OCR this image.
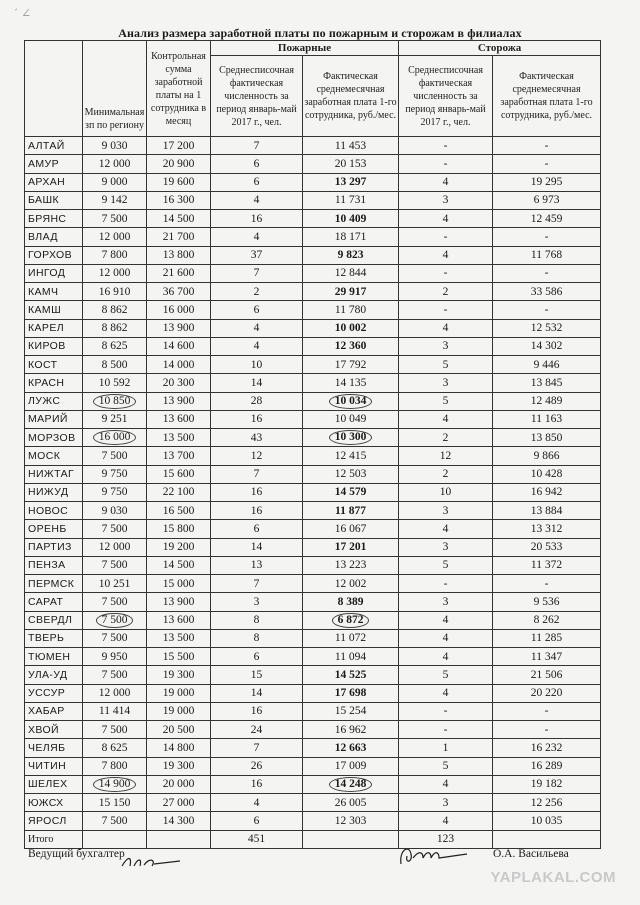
ˊ ∠
Анализ размера заработной платы по пожарным и сторожам в филиалах
	Минимальная зп по региону	Контрольная сумма заработной платы на 1 сотрудника в месяц	Пожарные		Сторожа	
			Среднесписочная фактическая численность за период январь-май 2017 г., чел.	Фактическая среднемесячная заработная плата 1-го сотрудника, руб./мес.	Среднесписочная фактическая численность за период январь-май 2017 г., чел.	Фактическая среднемесячная заработная плата 1-го сотрудника, руб./мес.
АЛТАЙ	9 030	17 200	7	11 453	-	-
АМУР	12 000	20 900	6	20 153	-	-
АРХАН	9 000	19 600	6	13 297	4	19 295
БАШК	9 142	16 300	4	11 731	3	6 973
БРЯНС	7 500	14 500	16	10 409	4	12 459
ВЛАД	12 000	21 700	4	18 171	-	-
ГОРХОВ	7 800	13 800	37	9 823	4	11 768
ИНГОД	12 000	21 600	7	12 844	-	-
КАМЧ	16 910	36 700	2	29 917	2	33 586
КАМШ	8 862	16 000	6	11 780	-	-
КАРЕЛ	8 862	13 900	4	10 002	4	12 532
КИРОВ	8 625	14 600	4	12 360	3	14 302
КОСТ	8 500	14 000	10	17 792	5	9 446
КРАСН	10 592	20 300	14	14 135	3	13 845
ЛУЖС	10 850	13 900	28	10 034	5	12 489
МАРИЙ	9 251	13 600	16	10 049	4	11 163
МОРЗОВ	16 000	13 500	43	10 300	2	13 850
МОСК	7 500	13 700	12	12 415	12	9 866
НИЖТАГ	9 750	15 600	7	12 503	2	10 428
НИЖУД	9 750	22 100	16	14 579	10	16 942
НОВОС	9 030	16 500	16	11 877	3	13 884
ОРЕНБ	7 500	15 800	6	16 067	4	13 312
ПАРТИЗ	12 000	19 200	14	17 201	3	20 533
ПЕНЗА	7 500	14 500	13	13 223	5	11 372
ПЕРМСК	10 251	15 000	7	12 002	-	-
САРАТ	7 500	13 900	3	8 389	3	9 536
СВЕРДЛ	7 500	13 600	8	6 872	4	8 262
ТВЕРЬ	7 500	13 500	8	11 072	4	11 285
ТЮМЕН	9 950	15 500	6	11 094	4	11 347
УЛА-УД	7 500	19 300	15	14 525	5	21 506
УССУР	12 000	19 000	14	17 698	4	20 220
ХАБАР	11 414	19 000	16	15 254	-	-
ХВОЙ	7 500	20 500	24	16 962	-	-
ЧЕЛЯБ	8 625	14 800	7	12 663	1	16 232
ЧИТИН	7 800	19 300	26	17 009	5	16 289
ШЕЛЕХ	14 900	20 000	16	14 248	4	19 182
ЮЖСХ	15 150	27 000	4	26 005	3	12 256
ЯРОСЛ	7 500	14 300	6	12 303	4	10 035
Итого			451		123	
Ведущий бухгалтер	О.А. Васильева
YAPLAKAL.COM
